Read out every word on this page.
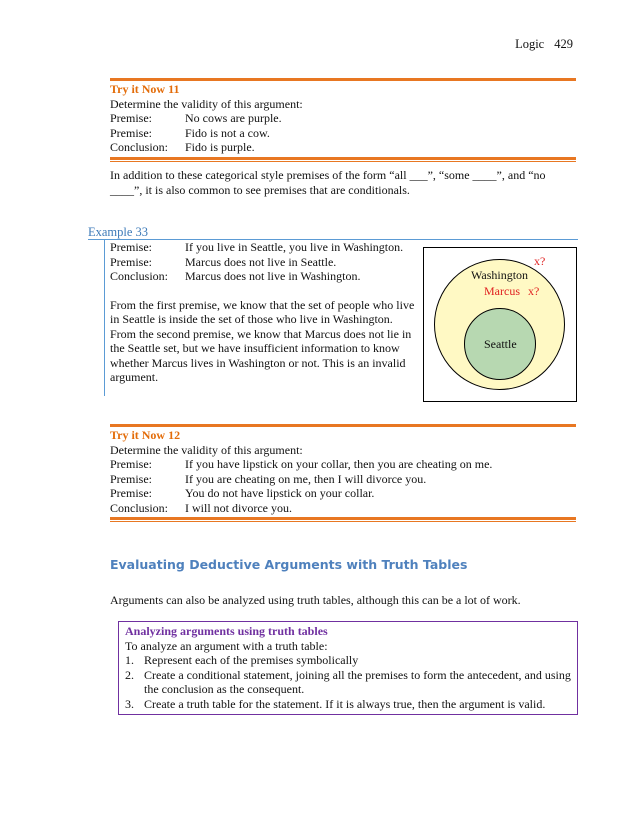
Logic 429
Try it Now 11
Determine the validity of this argument:
Premise:	No cows are purple.
Premise:	Fido is not a cow.
Conclusion:	Fido is purple.
In addition to these categorical style premises of the form “all ___”, “some ____”, and “no ____”, it is also common to see premises that are conditionals.
Example 33
Premise:	If you live in Seattle, you live in Washington.
Premise:	Marcus does not live in Seattle.
Conclusion:	Marcus does not live in Washington.
From the first premise, we know that the set of people who live in Seattle is inside the set of those who live in Washington. From the second premise, we know that Marcus does not lie in the Seattle set, but we have insufficient information to know whether Marcus lives in Washington or not. This is an invalid argument.
Washington
x?
Marcus x?
Seattle
Try it Now 12
Determine the validity of this argument:
Premise:	If you have lipstick on your collar, then you are cheating on me.
Premise:	If you are cheating on me, then I will divorce you.
Premise:	You do not have lipstick on your collar.
Conclusion:	I will not divorce you.
Evaluating Deductive Arguments with Truth Tables
Arguments can also be analyzed using truth tables, although this can be a lot of work.
Analyzing arguments using truth tables
To analyze an argument with a truth table:
1. Represent each of the premises symbolically
2. Create a conditional statement, joining all the premises to form the antecedent, and using the conclusion as the consequent.
3. Create a truth table for the statement. If it is always true, then the argument is valid.
